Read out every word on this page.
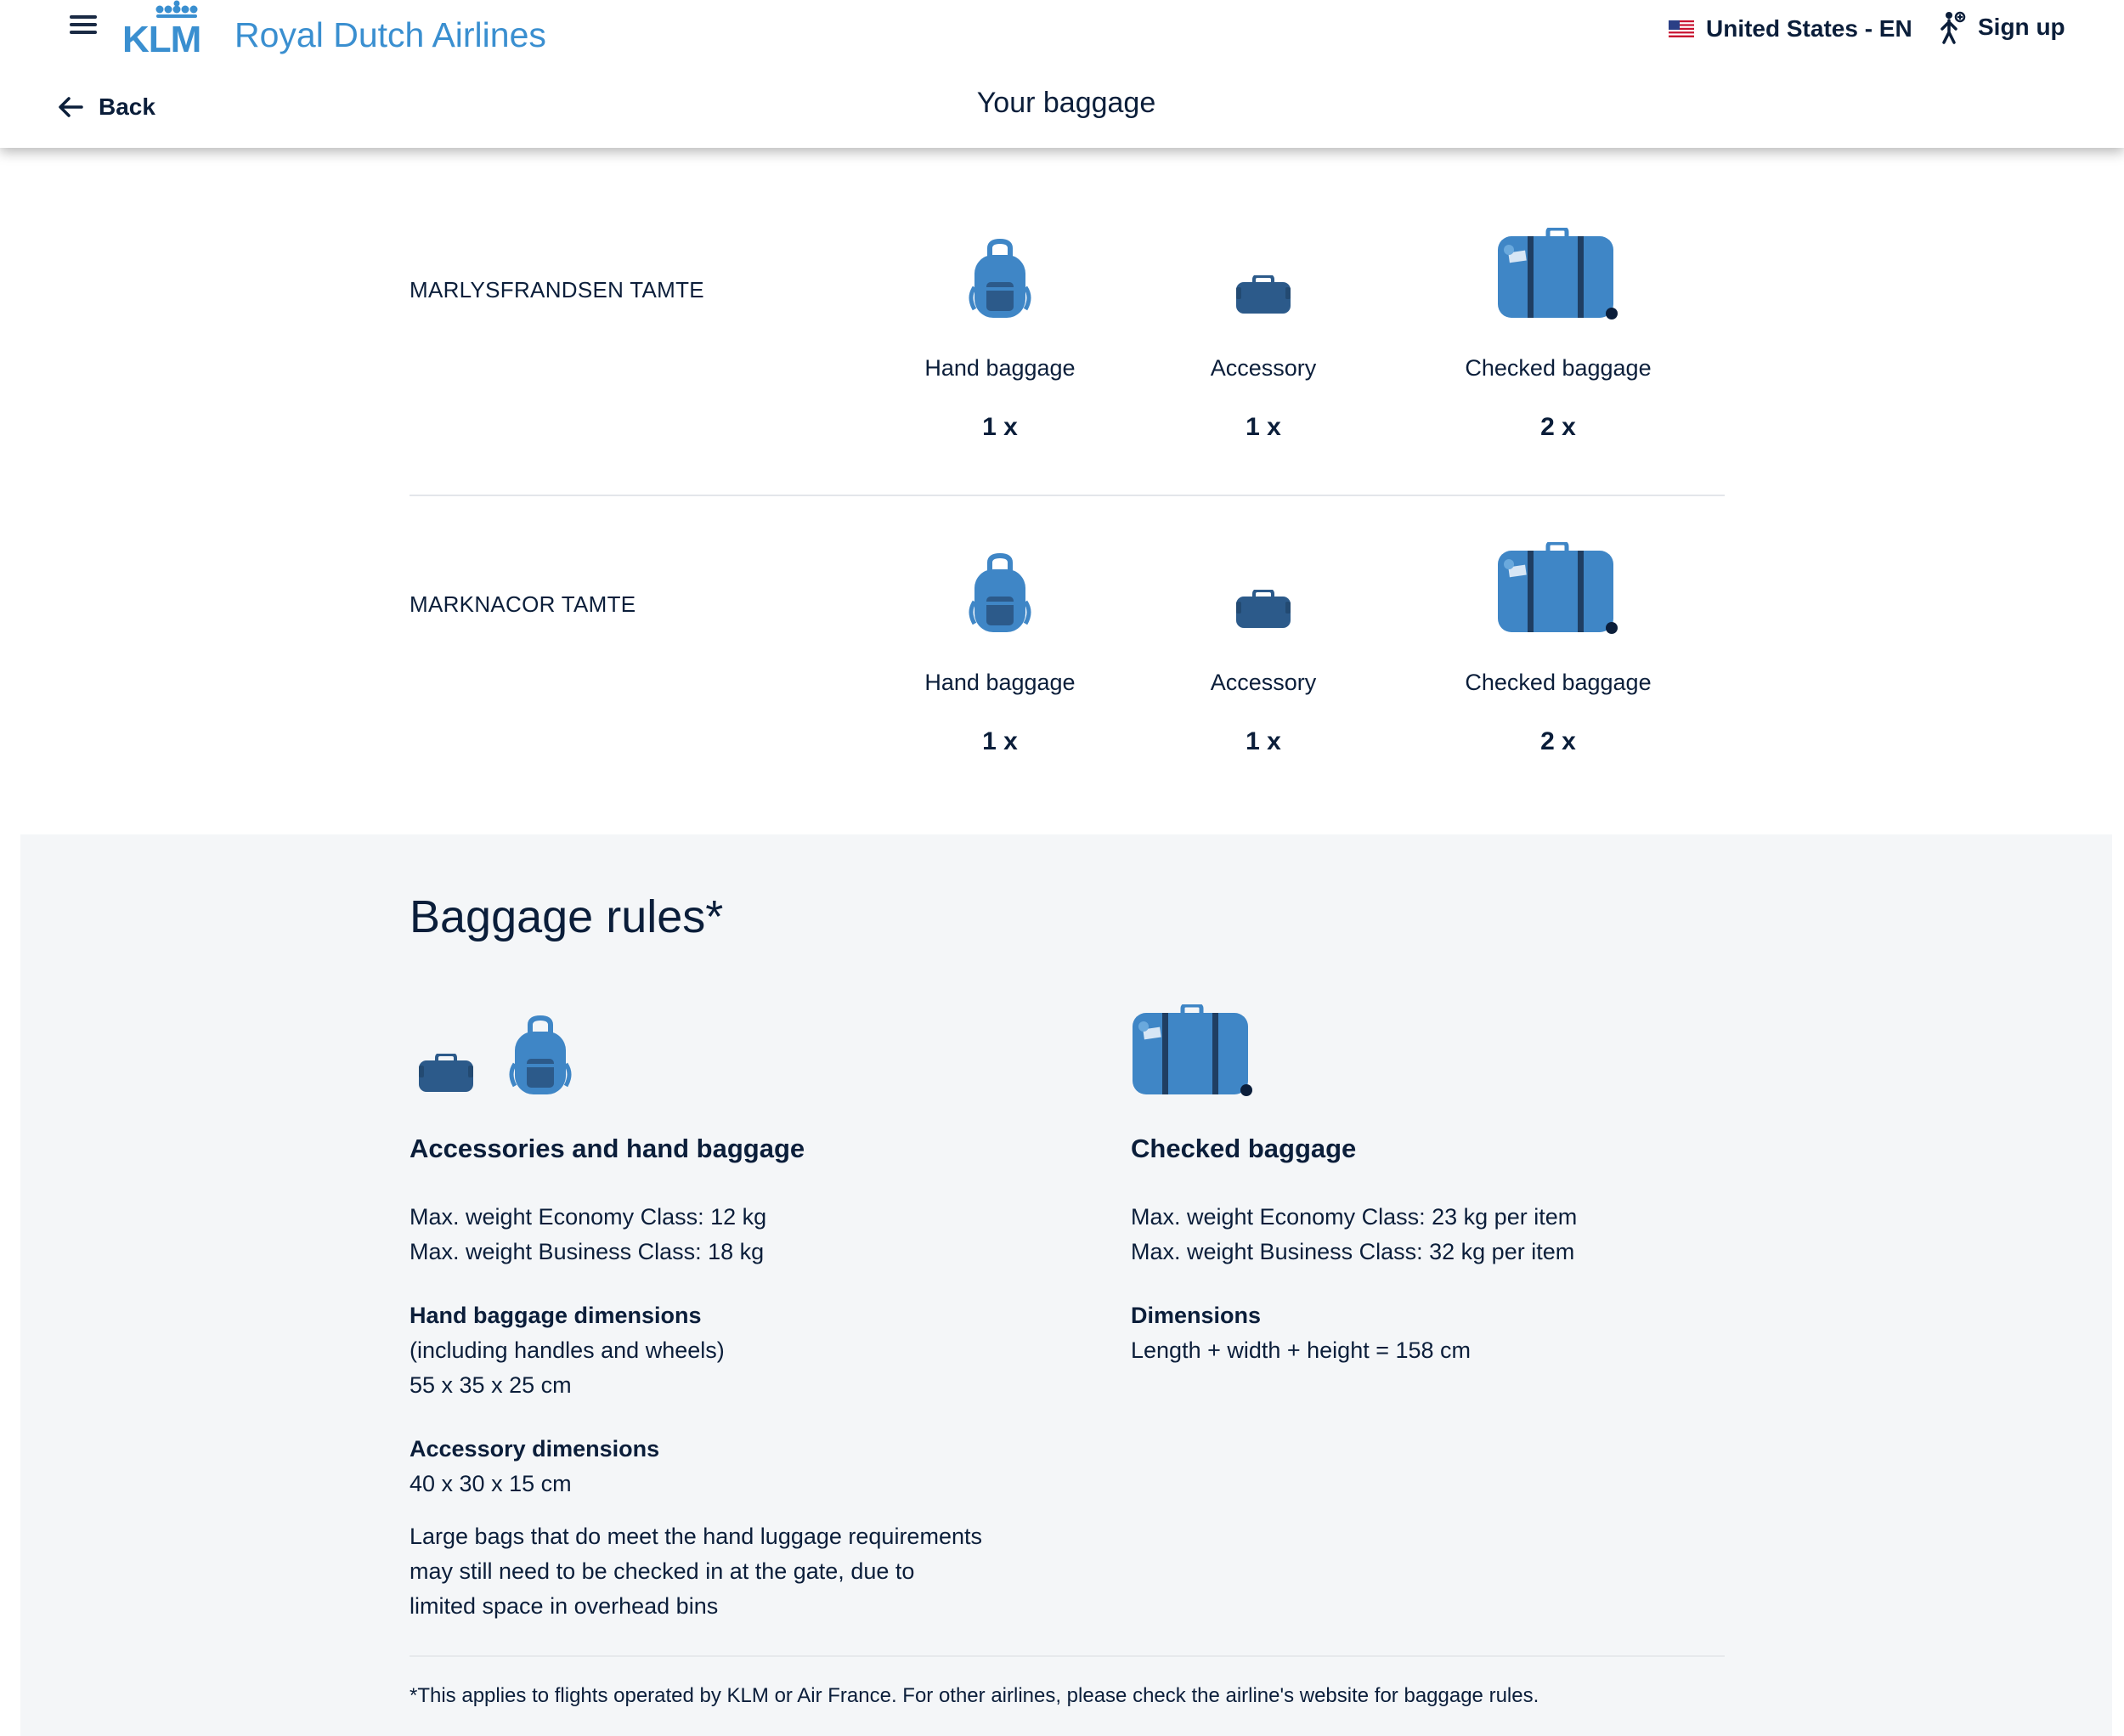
KLM Royal Dutch Airlines	United States - EN	Sign up
Back	Your baggage
MARLYSFRANDSEN TAMTE
Hand baggage
1 x
Accessory
1 x
Checked baggage
2 x
MARKNACOR TAMTE
Hand baggage
1 x
Accessory
1 x
Checked baggage
2 x
Baggage rules*
Accessories and hand baggage
Max. weight Economy Class: 12 kg
Max. weight Business Class: 18 kg
Hand baggage dimensions
(including handles and wheels)
55 x 35 x 25 cm
Accessory dimensions
40 x 30 x 15 cm
Large bags that do meet the hand luggage requirements
may still need to be checked in at the gate, due to
limited space in overhead bins
Checked baggage
Max. weight Economy Class: 23 kg per item
Max. weight Business Class: 32 kg per item
Dimensions
Length + width + height = 158 cm
*This applies to flights operated by KLM or Air France. For other airlines, please check the airline's website for baggage rules.
